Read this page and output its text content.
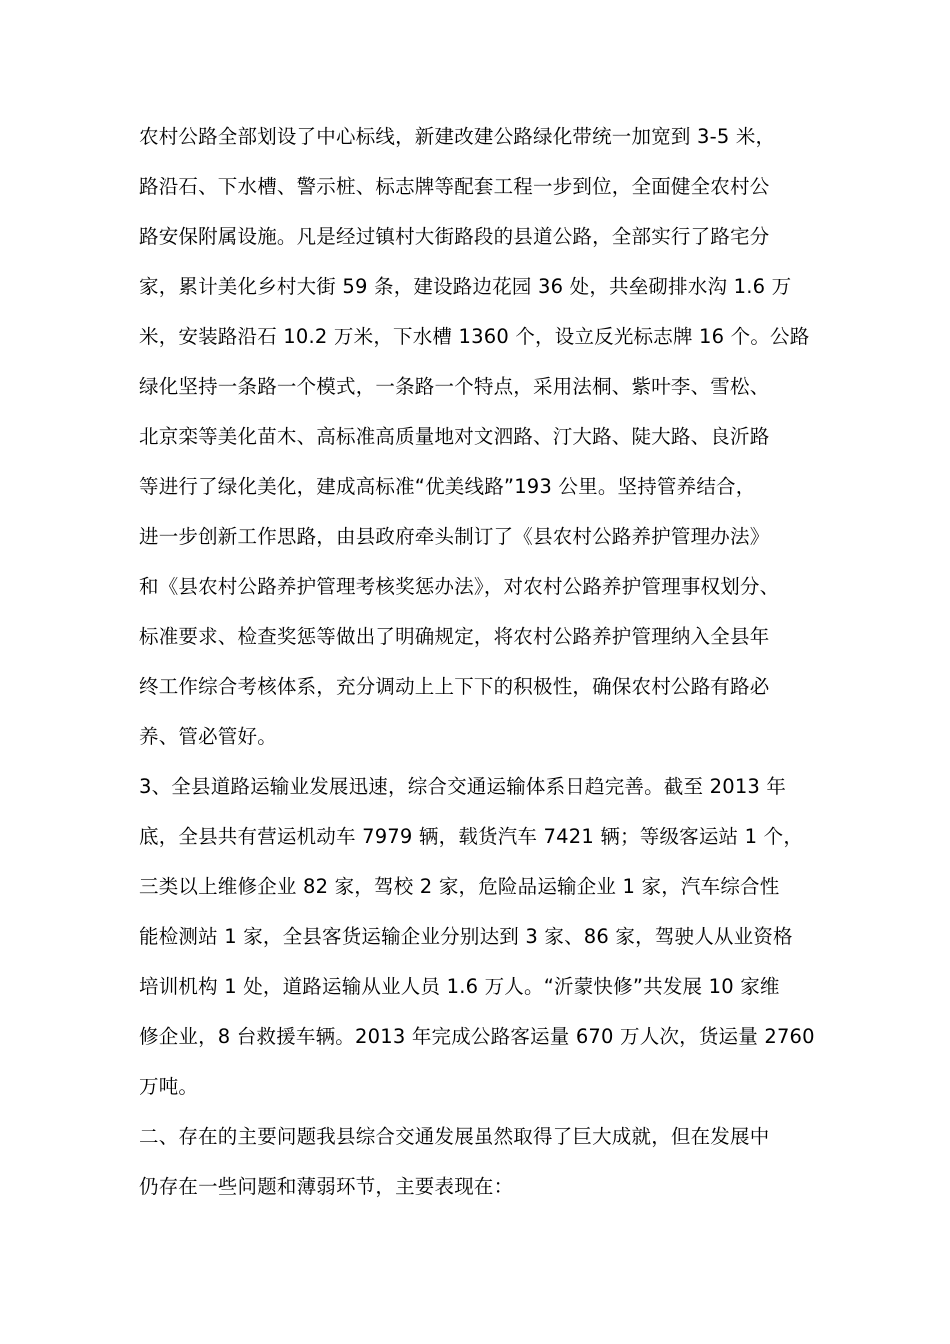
农村公路全部划设了中心标线，新建改建公路绿化带统一加宽到 3-5 米，
路沿石、下水槽、警示桩、标志牌等配套工程一步到位，全面健全农村公
路安保附属设施。凡是经过镇村大街路段的县道公路，全部实行了路宅分
家，累计美化乡村大街 59 条，建设路边花园 36 处，共垒砌排水沟 1.6 万
米，安装路沿石 10.2 万米，下水槽 1360 个，设立反光标志牌 16 个。公路
绿化坚持一条路一个模式，一条路一个特点，采用法桐、紫叶李、雪松、
北京栾等美化苗木、高标准高质量地对文泗路、汀大路、陡大路、良沂路
等进行了绿化美化，建成高标准“优美线路”193 公里。坚持管养结合，
进一步创新工作思路，由县政府牵头制订了《县农村公路养护管理办法》
和《县农村公路养护管理考核奖惩办法》，对农村公路养护管理事权划分、
标准要求、检查奖惩等做出了明确规定，将农村公路养护管理纳入全县年
终工作综合考核体系，充分调动上上下下的积极性，确保农村公路有路必
养、管必管好。
3、全县道路运输业发展迅速，综合交通运输体系日趋完善。截至 2013 年
底，全县共有营运机动车 7979 辆，载货汽车 7421 辆；等级客运站 1 个，
三类以上维修企业 82 家，驾校 2 家，危险品运输企业 1 家，汽车综合性
能检测站 1 家，全县客货运输企业分别达到 3 家、86 家，驾驶人从业资格
培训机构 1 处，道路运输从业人员 1.6 万人。“沂蒙快修”共发展 10 家维
修企业，8 台救援车辆。2013 年完成公路客运量 670 万人次，货运量 2760
万吨。
二、存在的主要问题我县综合交通发展虽然取得了巨大成就，但在发展中
仍存在一些问题和薄弱环节，主要表现在：
